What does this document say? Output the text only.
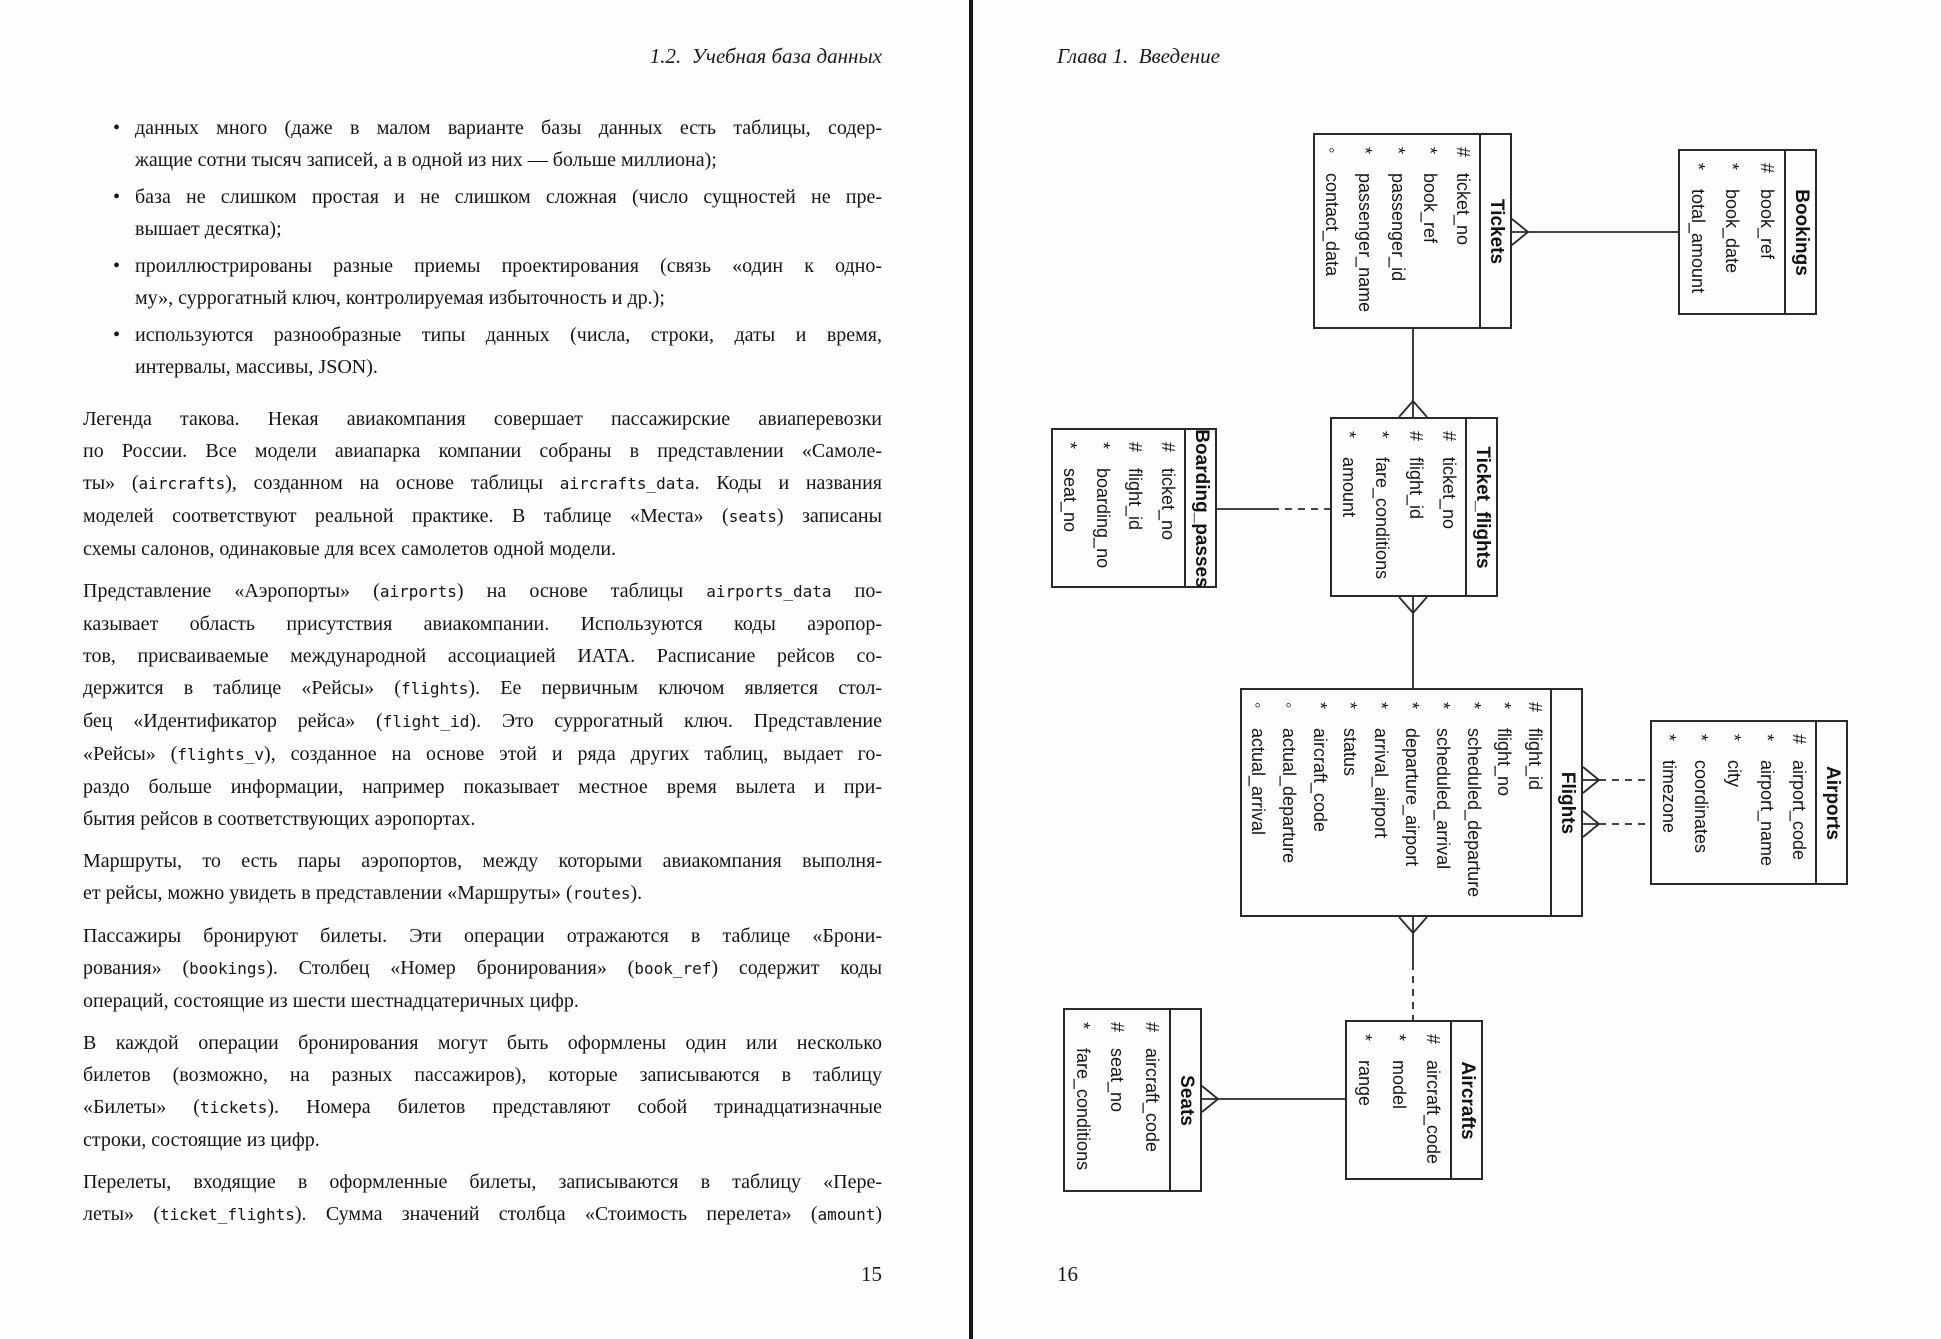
1.2.  Учебная база данных
• данных много (даже в малом варианте базы данных есть таблицы, содер-
жащие сотни тысяч записей, а в одной из них — больше миллиона);
• база не слишком простая и не слишком сложная (число сущностей не пре-
вышает десятка);
• проиллюстрированы разные приемы проектирования (связь «один к одно-
му», суррогатный ключ, контролируемая избыточность и др.);
• используются разнообразные типы данных (числа, строки, даты и время,
интервалы, массивы, JSON).
Легенда такова. Некая авиакомпания совершает пассажирские авиаперевозки
по России. Все модели авиапарка компании собраны в представлении «Самоле-
ты» (aircrafts), созданном на основе таблицы aircrafts_data. Коды и названия
моделей соответствуют реальной практике. В таблице «Места» (seats) записаны
схемы салонов, одинаковые для всех самолетов одной модели.
Представление «Аэропорты» (airports) на основе таблицы airports_data по-
казывает область присутствия авиакомпании. Используются коды аэропор-
тов, присваиваемые международной ассоциацией ИАТА. Расписание рейсов со-
держится в таблице «Рейсы» (flights). Ее первичным ключом является стол-
бец «Идентификатор рейса» (flight_id). Это суррогатный ключ. Представление
«Рейсы» (flights_v), созданное на основе этой и ряда других таблиц, выдает го-
раздо больше информации, например показывает местное время вылета и при-
бытия рейсов в соответствующих аэропортах.
Маршруты, то есть пары аэропортов, между которыми авиакомпания выполня-
ет рейсы, можно увидеть в представлении «Маршруты» (routes).
Пассажиры бронируют билеты. Эти операции отражаются в таблице «Брони-
рования» (bookings). Столбец «Номер бронирования» (book_ref) содержит коды
операций, состоящие из шести шестнадцатеричных цифр.
В каждой операции бронирования могут быть оформлены один или несколько
билетов (возможно, на разных пассажиров), которые записываются в таблицу
«Билеты» (tickets). Номера билетов представляют собой тринадцатизначные
строки, состоящие из цифр.
Перелеты, входящие в оформленные билеты, записываются в таблицу «Пере-
леты» (ticket_flights). Сумма значений столбца «Стоимость перелета» (amount)
15
Глава 1.  Введение
16
Tickets
#
ticket_no
*
book_ref
*
passenger_id
*
passenger_name
◦
contact_data	Bookings
#
book_ref
*
book_date
*
total_amount
Boarding_passes
#
ticket_no
#
flight_id
*
boarding_no
*
seat_no	Ticket_flights
#
ticket_no
#
flight_id
*
fare_conditions
*
amount
Flights
#
flight_id
*
flight_no
*
scheduled_departure
*
scheduled_arrival
*
departure_airport
*
arrival_airport
*
status
*
aircraft_code
◦
actual_departure
◦
actual_arrival	Airports
#
airport_code
*
airport_name
*
city
*
coordinates
*
timezone
Seats
#
aircraft_code
#
seat_no
*
fare_conditions	Aircrafts
#
aircraft_code
*
model
*
range
